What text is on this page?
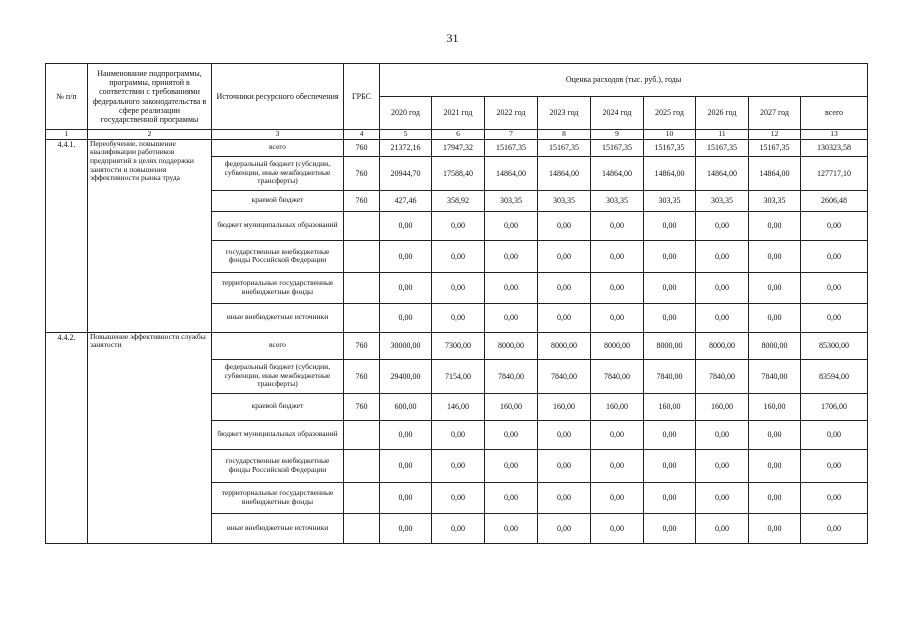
31
№ п/п	Наименование подпрограммы, программы, принятой в соответствии с требованиями федерального законодательства в сфере реализации государственной программы	Источники ресурсного обеспечения	ГРБС	Оценка расходов (тыс. руб.), годы								
				2020 год	2021 год	2022 год	2023 год	2024 год	2025 год	2026 год	2027 год	всего
1	2	3	4	5	6	7	8	9	10	11	12	13
4.4.1.	Переобучение, повышение квалификации работников предприятий в целях поддержки занятости и повышения эффективности рынка труда	всего	760	21372,16	17947,32	15167,35	15167,35	15167,35	15167,35	15167,35	15167,35	130323,58
		федеральный бюджет (субсидии, субвенции, иные межбюджетные трансферты)	760	20944,70	17588,40	14864,00	14864,00	14864,00	14864,00	14864,00	14864,00	127717,10
		краевой бюджет	760	427,46	358,92	303,35	303,35	303,35	303,35	303,35	303,35	2606,48
		бюджет муниципальных образований		0,00	0,00	0,00	0,00	0,00	0,00	0,00	0,00	0,00
		государственные внебюджетные фонды Российской Федерации		0,00	0,00	0,00	0,00	0,00	0,00	0,00	0,00	0,00
		территориальные государственные внебюджетные фонды		0,00	0,00	0,00	0,00	0,00	0,00	0,00	0,00	0,00
		иные внебюджетные источники		0,00	0,00	0,00	0,00	0,00	0,00	0,00	0,00	0,00
4.4.2.	Повышение эффективности службы занятости	всего	760	30000,00	7300,00	8000,00	8000,00	8000,00	8000,00	8000,00	8000,00	85300,00
		федеральный бюджет (субсидии, субвенции, иные межбюджетные трансферты)	760	29400,00	7154,00	7840,00	7840,00	7840,00	7840,00	7840,00	7840,00	83594,00
		краевой бюджет	760	600,00	146,00	160,00	160,00	160,00	160,00	160,00	160,00	1706,00
		бюджет муниципальных образований		0,00	0,00	0,00	0,00	0,00	0,00	0,00	0,00	0,00
		государственные внебюджетные фонды Российской Федерации		0,00	0,00	0,00	0,00	0,00	0,00	0,00	0,00	0,00
		территориальные государственные внебюджетные фонды		0,00	0,00	0,00	0,00	0,00	0,00	0,00	0,00	0,00
		иные внебюджетные источники		0,00	0,00	0,00	0,00	0,00	0,00	0,00	0,00	0,00
